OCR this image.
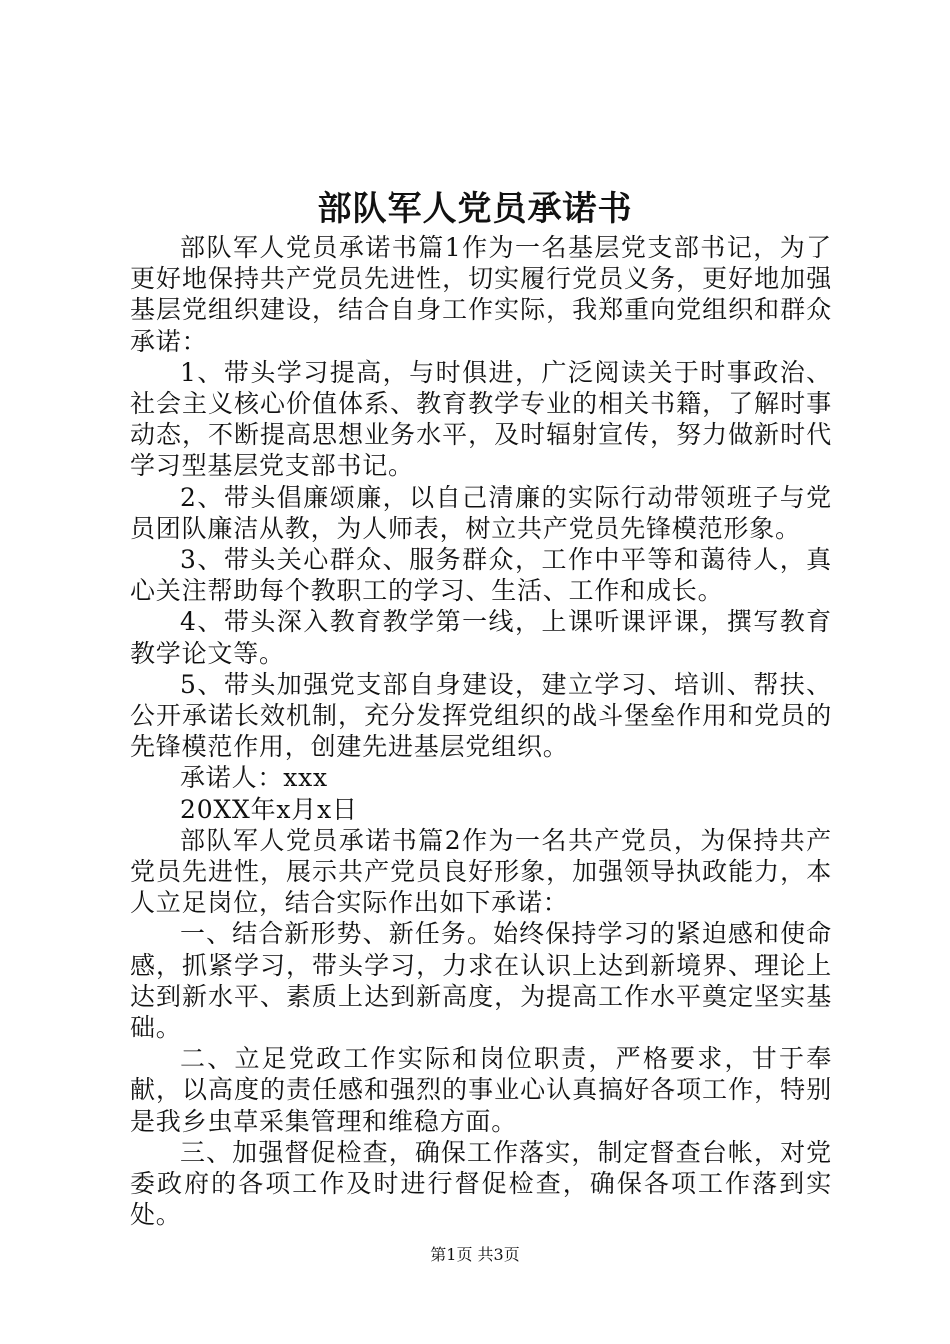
部队军人党员承诺书

部队军人党员承诺书篇1作为一名基层党支部书记，为了更好地保持共产党员先进性，切实履行党员义务，更好地加强基层党组织建设，结合自身工作实际，我郑重向党组织和群众承诺：

1、带头学习提高，与时俱进，广泛阅读关于时事政治、社会主义核心价值体系、教育教学专业的相关书籍，了解时事动态，不断提高思想业务水平，及时辐射宣传，努力做新时代学习型基层党支部书记。

2、带头倡廉颂廉，以自己清廉的实际行动带领班子与党员团队廉洁从教，为人师表，树立共产党员先锋模范形象。

3、带头关心群众、服务群众，工作中平等和蔼待人，真心关注帮助每个教职工的学习、生活、工作和成长。

4、带头深入教育教学第一线，上课听课评课，撰写教育教学论文等。

5、带头加强党支部自身建设，建立学习、培训、帮扶、公开承诺长效机制，充分发挥党组织的战斗堡垒作用和党员的先锋模范作用，创建先进基层党组织。

承诺人：xxx

20XX年x月x日

部队军人党员承诺书篇2作为一名共产党员，为保持共产党员先进性，展示共产党员良好形象，加强领导执政能力，本人立足岗位，结合实际作出如下承诺：

一、结合新形势、新任务。始终保持学习的紧迫感和使命感，抓紧学习，带头学习，力求在认识上达到新境界、理论上达到新水平、素质上达到新高度，为提高工作水平奠定坚实基础。

二、立足党政工作实际和岗位职责，严格要求，甘于奉献，以高度的责任感和强烈的事业心认真搞好各项工作，特别是我乡虫草采集管理和维稳方面。

三、加强督促检查，确保工作落实，制定督查台帐，对党委政府的各项工作及时进行督促检查，确保各项工作落到实处。

第1页 共3页
